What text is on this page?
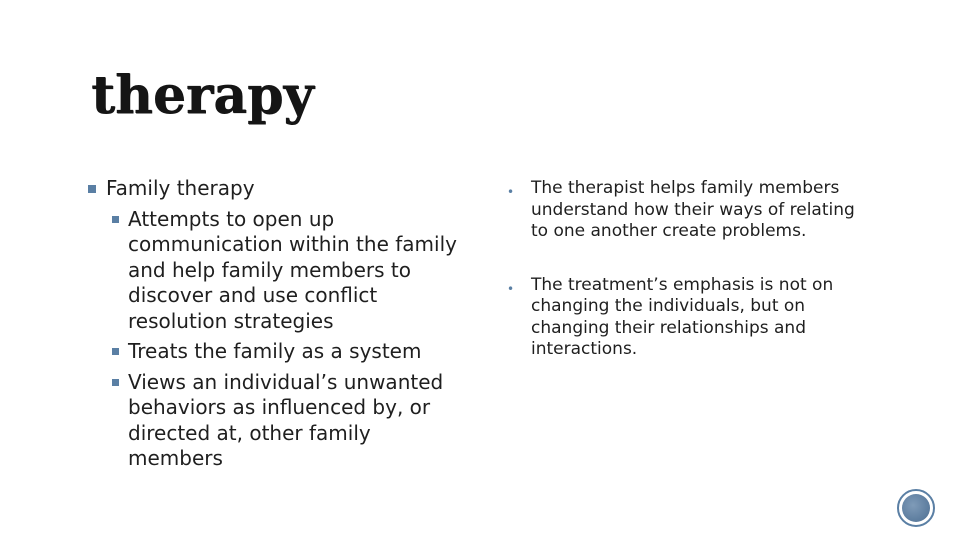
therapy
Family therapy
Attempts to open up communication within the family and help family members to discover and use conflict resolution strategies
Treats the family as a system
Views an individual’s unwanted behaviors as influenced by, or directed at, other family members
• The therapist helps family members understand how their ways of relating to one another create problems.
• The treatment’s emphasis is not on changing the individuals, but on changing their relationships and interactions.
